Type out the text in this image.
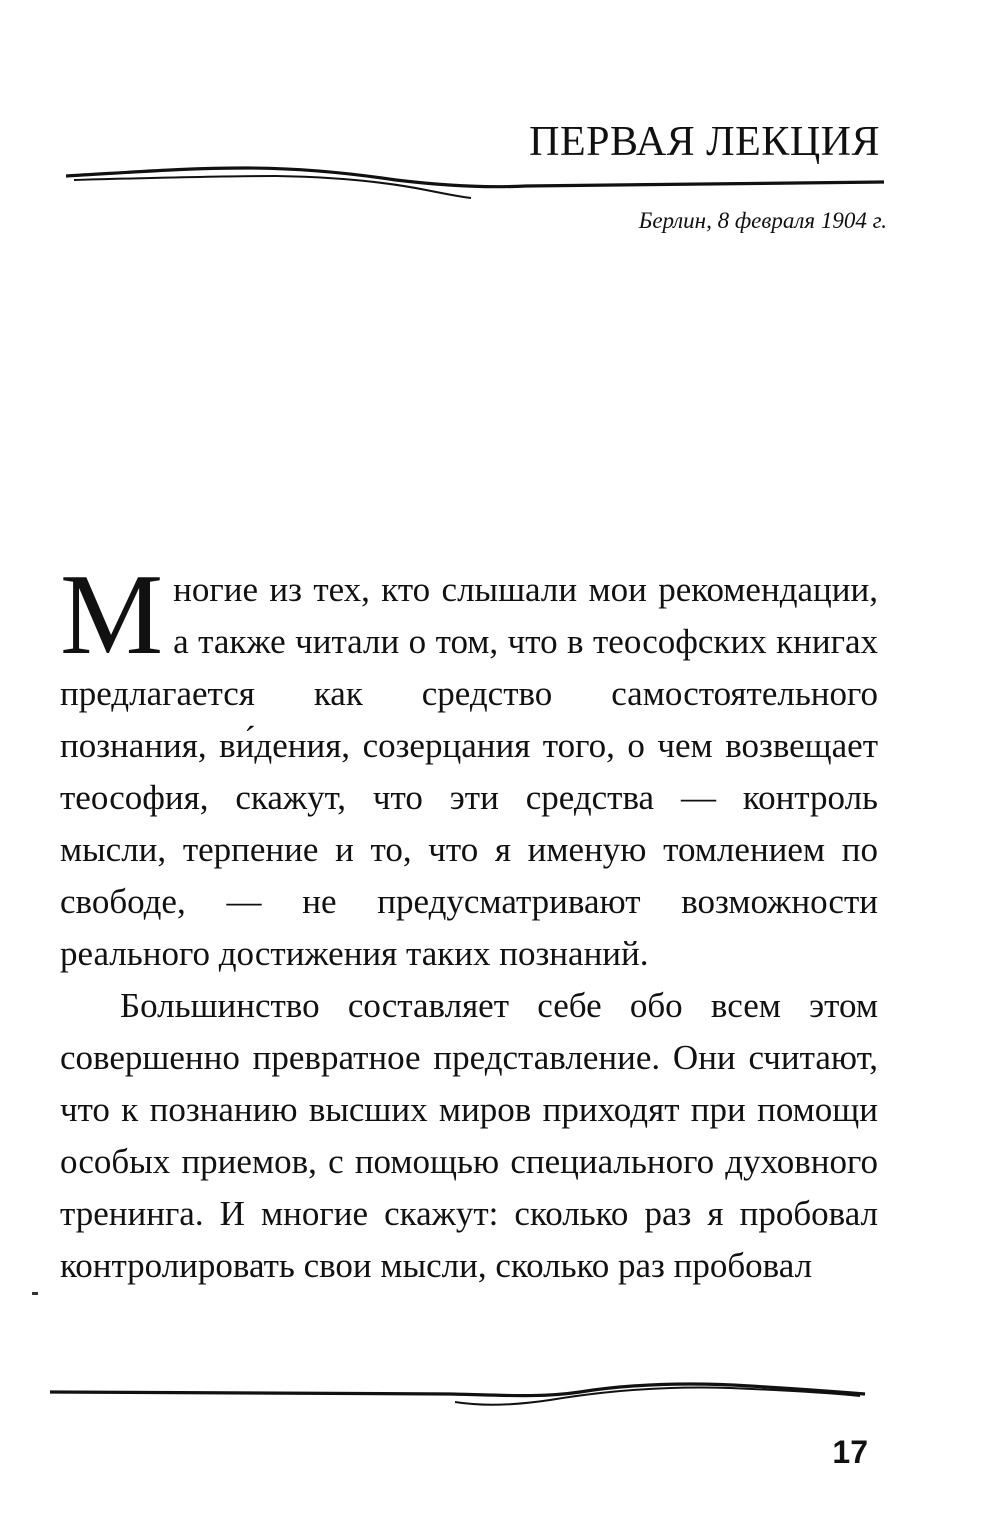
ПЕРВАЯ ЛЕКЦИЯ
Берлин, 8 февраля 1904 г.

Многие из тех, кто слышали мои рекомендации, а также читали о том, что в теософских книгах предлагается как средство самостоятельного познания, ви́дения, созерцания того, о чем возвещает теософия, скажут, что эти средства — контроль мысли, терпение и то, что я именую томлением по свободе, — не предусматривают возможности реального достижения таких познаний.

Большинство составляет себе обо всем этом совершенно превратное представление. Они считают, что к познанию высших миров приходят при помощи особых приемов, с помощью специального духовного тренинга. И многие скажут: сколько раз я пробовал контролировать свои мысли, сколько раз пробовал

17
